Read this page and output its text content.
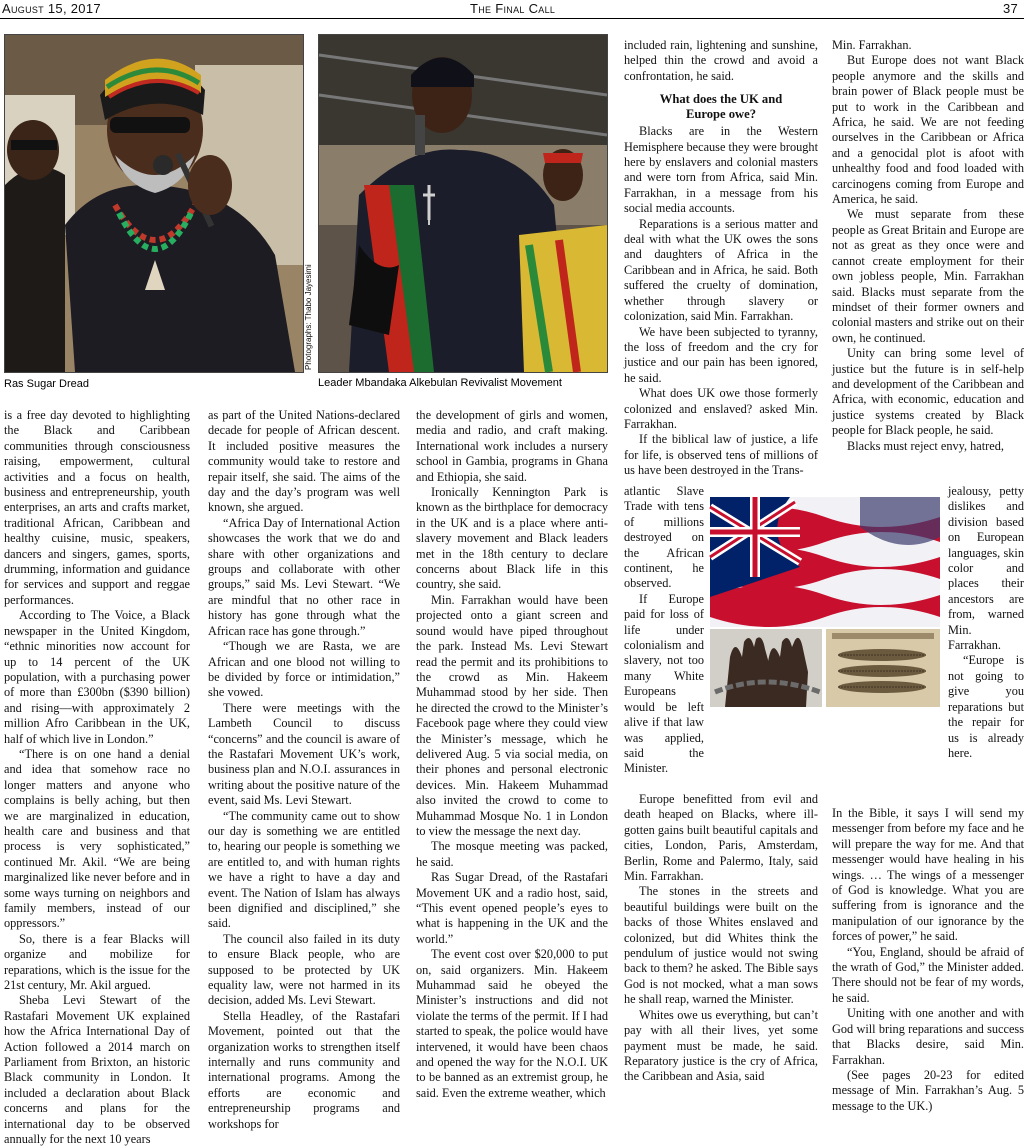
August 15, 2017	The Final Call	37
Ras Sugar Dread
Photographs: Thabo Jayesimi
Leader Mbandaka Alkebulan Revivalist Movement

is a free day devoted to highlighting the Black and Caribbean communities through consciousness raising, empowerment, cultural activities and a focus on health, business and entrepreneurship, youth enterprises, an arts and crafts market, traditional African, Caribbean and healthy cuisine, music, speakers, dancers and singers, games, sports, drumming, information and guidance for services and support and reggae performances.

According to The Voice, a Black newspaper in the United Kingdom, “ethnic minorities now account for up to 14 percent of the UK population, with a purchasing power of more than £300bn ($390 billion) and rising—with approximately 2 million Afro Caribbean in the UK, half of which live in London.”

“There is on one hand a denial and idea that somehow race no longer matters and anyone who complains is belly aching, but then we are marginalized in education, health care and business and that process is very sophisticated,” continued Mr. Akil. “We are being marginalized like never before and in some ways turning on neighbors and family members, instead of our oppressors.”

So, there is a fear Blacks will organize and mobilize for reparations, which is the issue for the 21st century, Mr. Akil argued.

Sheba Levi Stewart of the Rastafari Movement UK explained how the Africa International Day of Action followed a 2014 march on Parliament from Brixton, an historic Black community in London. It included a declaration about Black concerns and plans for the international day to be observed annually for the next 10 years

as part of the United Nations-declared decade for people of African descent. It included positive measures the community would take to restore and repair itself, she said. The aims of the day and the day’s program was well known, she argued.

“Africa Day of International Action showcases the work that we do and share with other organizations and groups and collaborate with other groups,” said Ms. Levi Stewart. “We are mindful that no other race in history has gone through what the African race has gone through.”

“Though we are Rasta, we are African and one blood not willing to be divided by force or intimidation,” she vowed.

There were meetings with the Lambeth Council to discuss “concerns” and the council is aware of the Rastafari Movement UK’s work, business plan and N.O.I. assurances in writing about the positive nature of the event, said Ms. Levi Stewart.

“The community came out to show our day is something we are entitled to, hearing our people is something we are entitled to, and with human rights we have a right to have a day and event. The Nation of Islam has always been dignified and disciplined,” she said.

The council also failed in its duty to ensure Black people, who are supposed to be protected by UK equality law, were not harmed in its decision, added Ms. Levi Stewart.

Stella Headley, of the Rastafari Movement, pointed out that the organization works to strengthen itself internally and runs community and international programs. Among the efforts are economic and entrepreneurship programs and workshops for

the development of girls and women, media and radio, and craft making. International work includes a nursery school in Gambia, programs in Ghana and Ethiopia, she said.

Ironically Kennington Park is known as the birthplace for democracy in the UK and is a place where anti-slavery movement and Black leaders met in the 18th century to declare concerns about Black life in this country, she said.

Min. Farrakhan would have been projected onto a giant screen and sound would have piped throughout the park. Instead Ms. Levi Stewart read the permit and its prohibitions to the crowd as Min. Hakeem Muhammad stood by her side. Then he directed the crowd to the Minister’s Facebook page where they could view the Minister’s message, which he delivered Aug. 5 via social media, on their phones and personal electronic devices. Min. Hakeem Muhammad also invited the crowd to come to Muhammad Mosque No. 1 in London to view the message the next day.

The mosque meeting was packed, he said.

Ras Sugar Dread, of the Rastafari Movement UK and a radio host, said, “This event opened people’s eyes to what is happening in the UK and the world.”

The event cost over $20,000 to put on, said organizers. Min. Hakeem Muhammad said he obeyed the Minister’s instructions and did not violate the terms of the permit. If I had started to speak, the police would have intervened, it would have been chaos and opened the way for the N.O.I. UK to be banned as an extremist group, he said. Even the extreme weather, which

included rain, lightening and sunshine, helped thin the crowd and avoid a confrontation, he said.

What does the UK and Europe owe?

Blacks are in the Western Hemisphere because they were brought here by enslavers and colonial masters and were torn from Africa, said Min. Farrakhan, in a message from his social media accounts.

Reparations is a serious matter and deal with what the UK owes the sons and daughters of Africa in the Caribbean and in Africa, he said. Both suffered the cruelty of domination, whether through slavery or colonization, said Min. Farrakhan.

We have been subjected to tyranny, the loss of freedom and the cry for justice and our pain has been ignored, he said.

What does UK owe those formerly colonized and enslaved? asked Min. Farrakhan.

If the biblical law of justice, a life for life, is observed tens of millions of us have been destroyed in the Trans-

atlantic Slave Trade with tens of millions destroyed on the African continent, he observed.

If Europe paid for loss of life under colonialism and slavery, not too many White Europeans would be left alive if that law was applied, said the Minister.

Europe benefitted from evil and death heaped on Blacks, where ill-gotten gains built beautiful capitals and cities, London, Paris, Amsterdam, Berlin, Rome and Palermo, Italy, said Min. Farrakhan.

The stones in the streets and beautiful buildings were built on the backs of those Whites enslaved and colonized, but did Whites think the pendulum of justice would not swing back to them? he asked. The Bible says God is not mocked, what a man sows he shall reap, warned the Minister.

Whites owe us everything, but can’t pay with all their lives, yet some payment must be made, he said. Reparatory justice is the cry of Africa, the Caribbean and Asia, said

Min. Farrakhan.

But Europe does not want Black people anymore and the skills and brain power of Black people must be put to work in the Caribbean and Africa, he said. We are not feeding ourselves in the Caribbean or Africa and a genocidal plot is afoot with unhealthy food and food loaded with carcinogens coming from Europe and America, he said.

We must separate from these people as Great Britain and Europe are not as great as they once were and cannot create employment for their own jobless people, Min. Farrakhan said. Blacks must separate from the mindset of their former owners and colonial masters and strike out on their own, he continued.

Unity can bring some level of justice but the future is in self-help and development of the Caribbean and Africa, with economic, education and justice systems created by Black people for Black people, he said.

Blacks must reject envy, hatred,

jealousy, petty dislikes and division based on European languages, skin color and places their ancestors are from, warned Min. Farrakhan.

“Europe is not going to give you reparations but the repair for us is already here.

In the Bible, it says I will send my messenger from before my face and he will prepare the way for me. And that messenger would have healing in his wings. … The wings of a messenger of God is knowledge. What you are suffering from is ignorance and the manipulation of our ignorance by the forces of power,” he said.

“You, England, should be afraid of the wrath of God,” the Minister added. There should not be fear of my words, he said.

Uniting with one another and with God will bring reparations and success that Blacks desire, said Min. Farrakhan.

(See pages 20-23 for edited message of Min. Farrakhan’s Aug. 5 message to the UK.)
